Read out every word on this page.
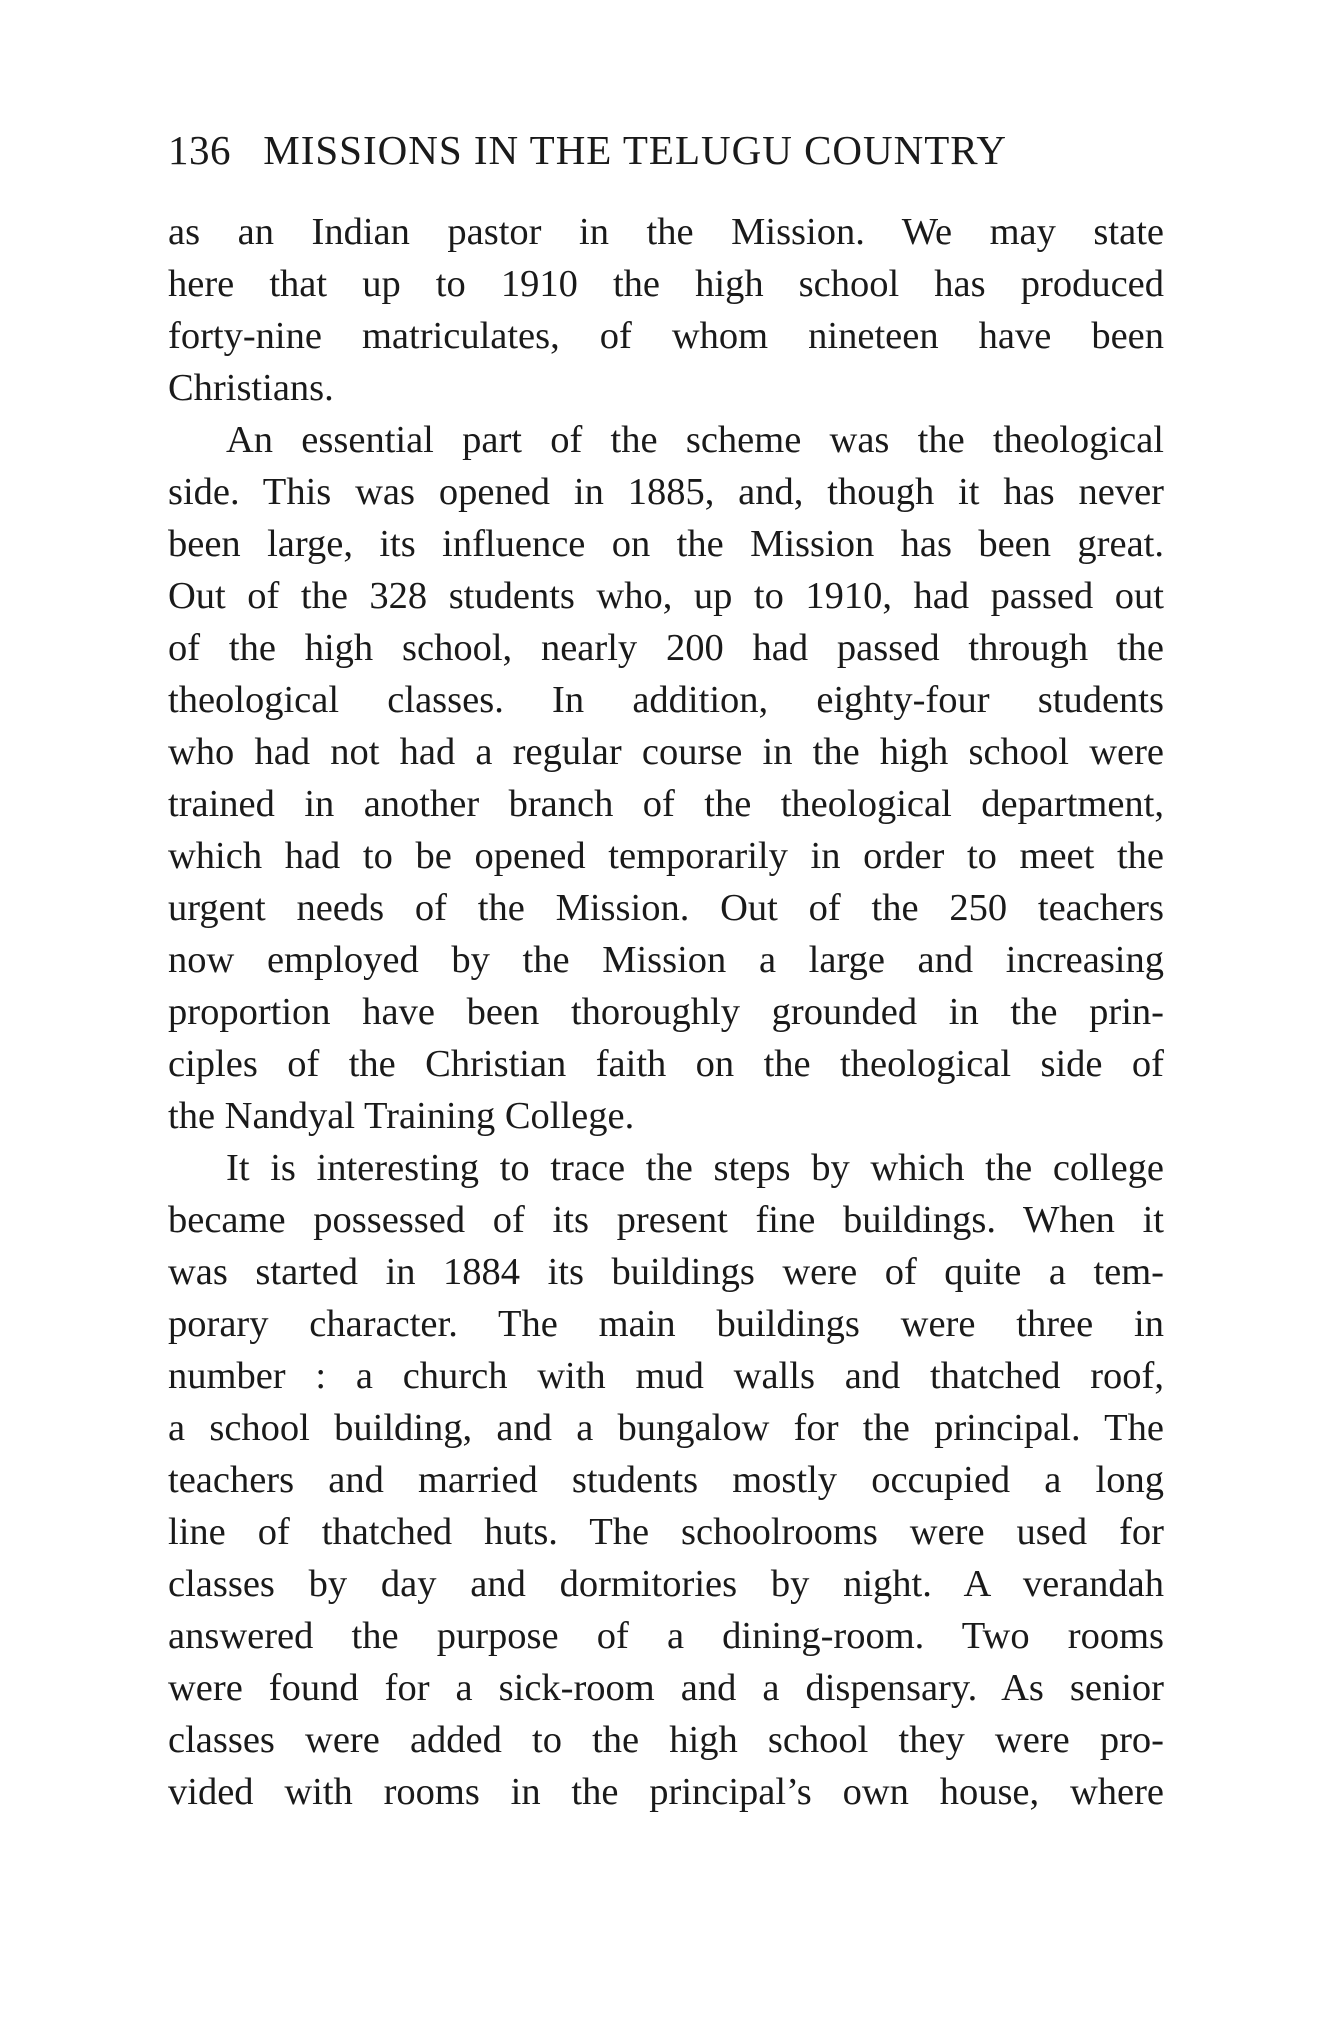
136 MISSIONS IN THE TELUGU COUNTRY
as an Indian pastor in the Mission. We may state
here that up to 1910 the high school has produced
forty-nine matriculates, of whom nineteen have been
Christians.
An essential part of the scheme was the theological
side. This was opened in 1885, and, though it has never
been large, its influence on the Mission has been great.
Out of the 328 students who, up to 1910, had passed out
of the high school, nearly 200 had passed through the
theological classes. In addition, eighty-four students
who had not had a regular course in the high school were
trained in another branch of the theological department,
which had to be opened temporarily in order to meet the
urgent needs of the Mission. Out of the 250 teachers
now employed by the Mission a large and increasing
proportion have been thoroughly grounded in the prin-
ciples of the Christian faith on the theological side of
the Nandyal Training College.
It is interesting to trace the steps by which the college
became possessed of its present fine buildings. When it
was started in 1884 its buildings were of quite a tem-
porary character. The main buildings were three in
number : a church with mud walls and thatched roof,
a school building, and a bungalow for the principal. The
teachers and married students mostly occupied a long
line of thatched huts. The schoolrooms were used for
classes by day and dormitories by night. A verandah
answered the purpose of a dining-room. Two rooms
were found for a sick-room and a dispensary. As senior
classes were added to the high school they were pro-
vided with rooms in the principal’s own house, where
